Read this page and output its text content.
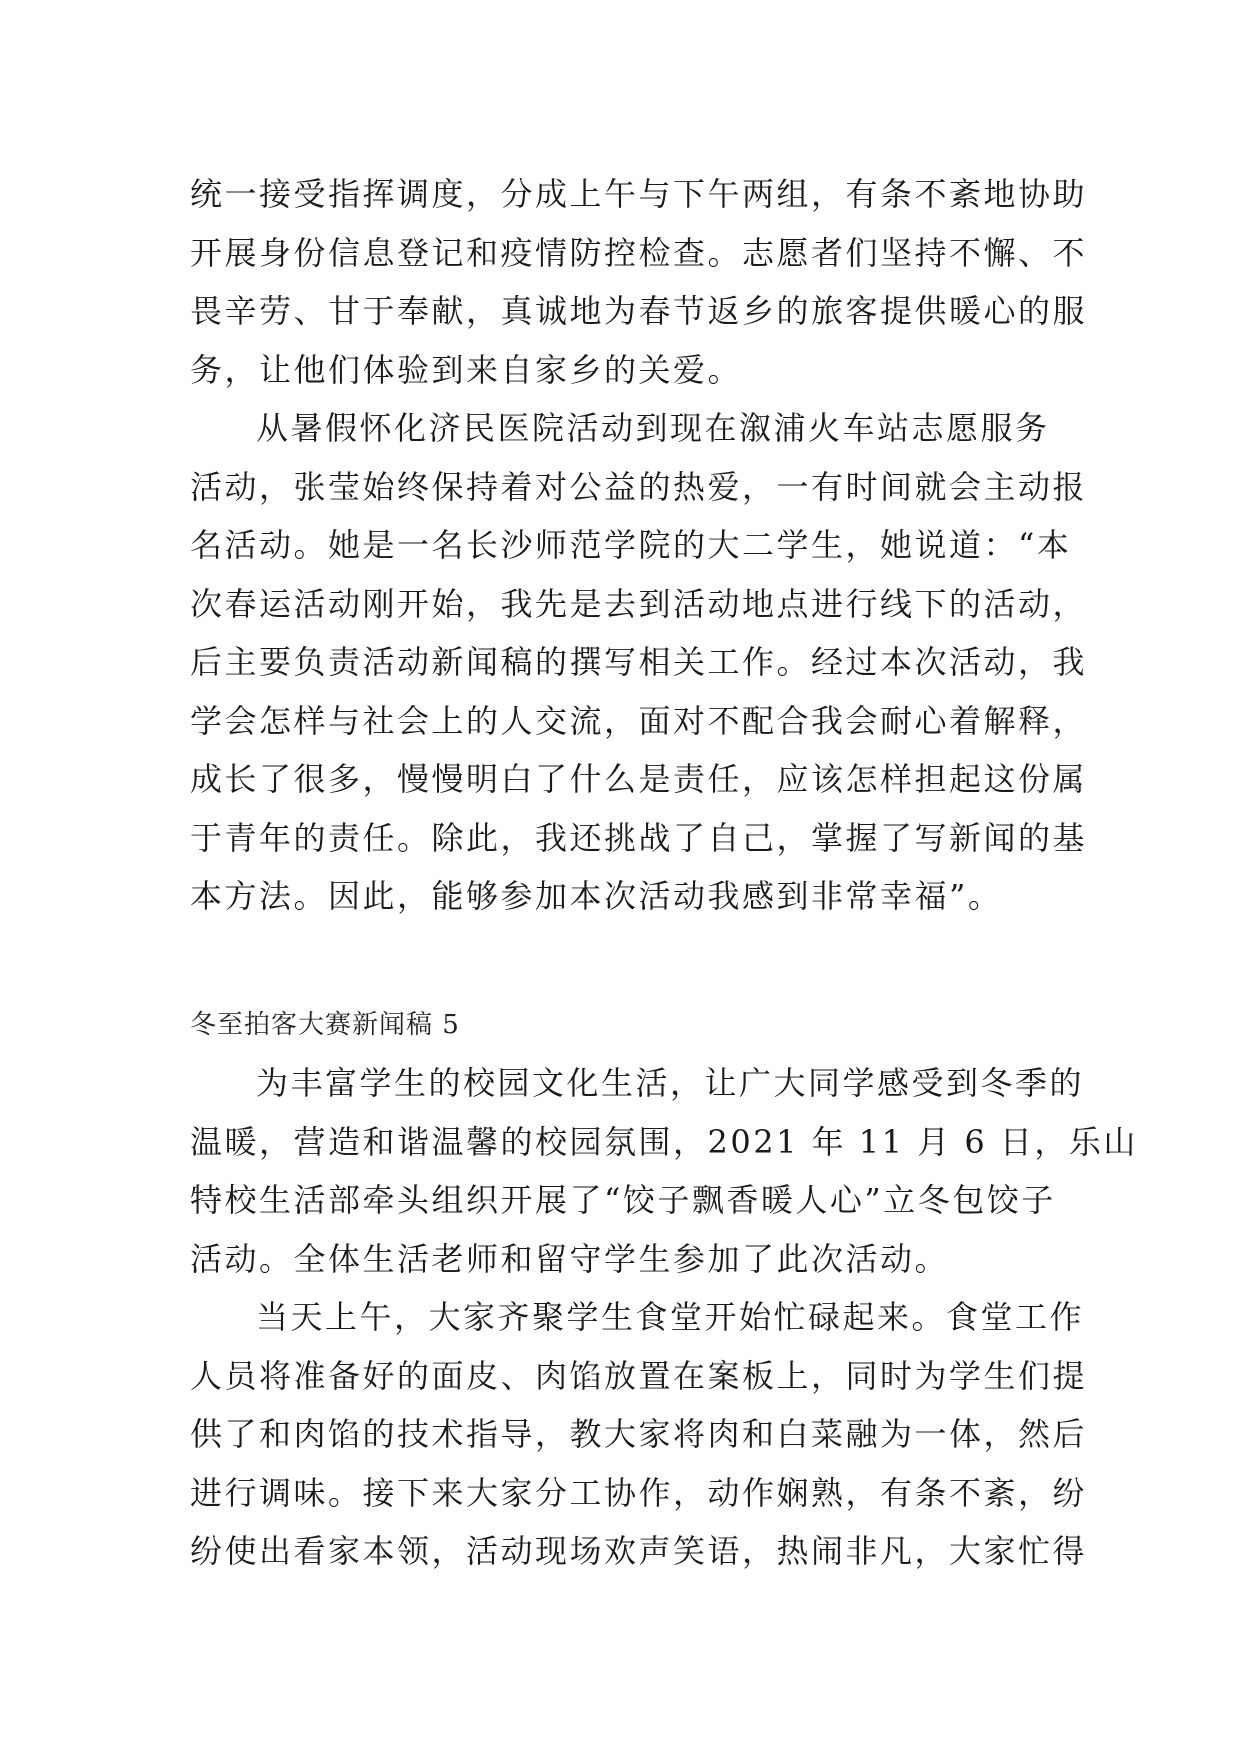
统一接受指挥调度，分成上午与下午两组，有条不紊地协助
开展身份信息登记和疫情防控检查。志愿者们坚持不懈、不
畏辛劳、甘于奉献，真诚地为春节返乡的旅客提供暖心的服
务，让他们体验到来自家乡的关爱。
从暑假怀化济民医院活动到现在溆浦火车站志愿服务
活动，张莹始终保持着对公益的热爱，一有时间就会主动报
名活动。她是一名长沙师范学院的大二学生，她说道：“本
次春运活动刚开始，我先是去到活动地点进行线下的活动，
后主要负责活动新闻稿的撰写相关工作。经过本次活动，我
学会怎样与社会上的人交流，面对不配合我会耐心着解释，
成长了很多，慢慢明白了什么是责任，应该怎样担起这份属
于青年的责任。除此，我还挑战了自己，掌握了写新闻的基
本方法。因此，能够参加本次活动我感到非常幸福”。
冬至拍客大赛新闻稿 5
为丰富学生的校园文化生活，让广大同学感受到冬季的
温暖，营造和谐温馨的校园氛围，2021 年 11 月 6 日，乐山
特校生活部牵头组织开展了“饺子飘香暖人心”立冬包饺子
活动。全体生活老师和留守学生参加了此次活动。
当天上午，大家齐聚学生食堂开始忙碌起来。食堂工作
人员将准备好的面皮、肉馅放置在案板上，同时为学生们提
供了和肉馅的技术指导，教大家将肉和白菜融为一体，然后
进行调味。接下来大家分工协作，动作娴熟，有条不紊，纷
纷使出看家本领，活动现场欢声笑语，热闹非凡，大家忙得
